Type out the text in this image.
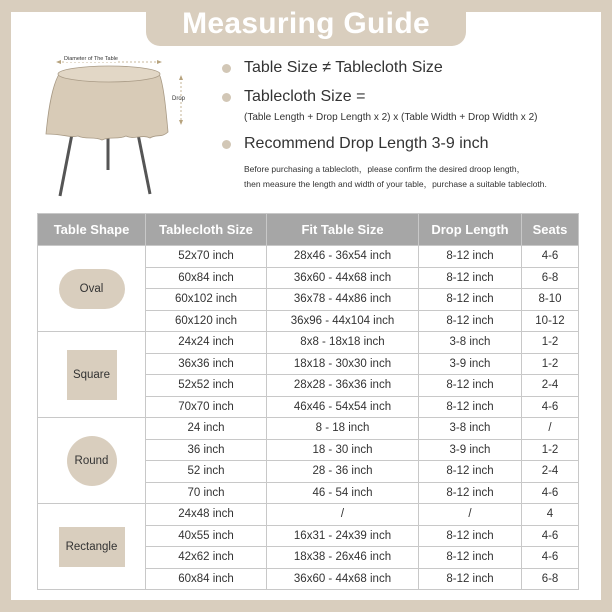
Measuring Guide
Diameter of The Table
Drop
Table Size ≠ Tablecloth Size
Tablecloth Size =
(Table Length + Drop Length x 2) x (Table Width + Drop Width x 2)
Recommend Drop Length 3-9 inch
Before purchasing a tablecloth，please confirm the desired droop length，
then measure the length and width of your table，purchase a suitable tablecloth.
Table Shape	Tablecloth Size	Fit Table Size	Drop Length	Seats

Oval	52x70 inch	28x46 - 36x54 inch	8-12 inch	4-6
	60x84 inch	36x60 - 44x68 inch	8-12 inch	6-8
	60x102 inch	36x78 - 44x86 inch	8-12 inch	8-10
	60x120 inch	36x96 - 44x104 inch	8-12 inch	10-12

Square	24x24 inch	8x8 - 18x18 inch	3-8 inch	1-2
	36x36 inch	18x18 - 30x30 inch	3-9 inch	1-2
	52x52 inch	28x28 - 36x36 inch	8-12 inch	2-4
	70x70 inch	46x46 - 54x54 inch	8-12 inch	4-6

Round	24 inch	8 - 18 inch	3-8 inch	/
	36 inch	18 - 30 inch	3-9 inch	1-2
	52 inch	28 - 36 inch	8-12 inch	2-4
	70 inch	46 - 54 inch	8-12 inch	4-6

Rectangle	24x48 inch	/	/	4
	40x55 inch	16x31 - 24x39 inch	8-12 inch	4-6
	42x62 inch	18x38 - 26x46 inch	8-12 inch	4-6
	60x84 inch	36x60 - 44x68 inch	8-12 inch	6-8
